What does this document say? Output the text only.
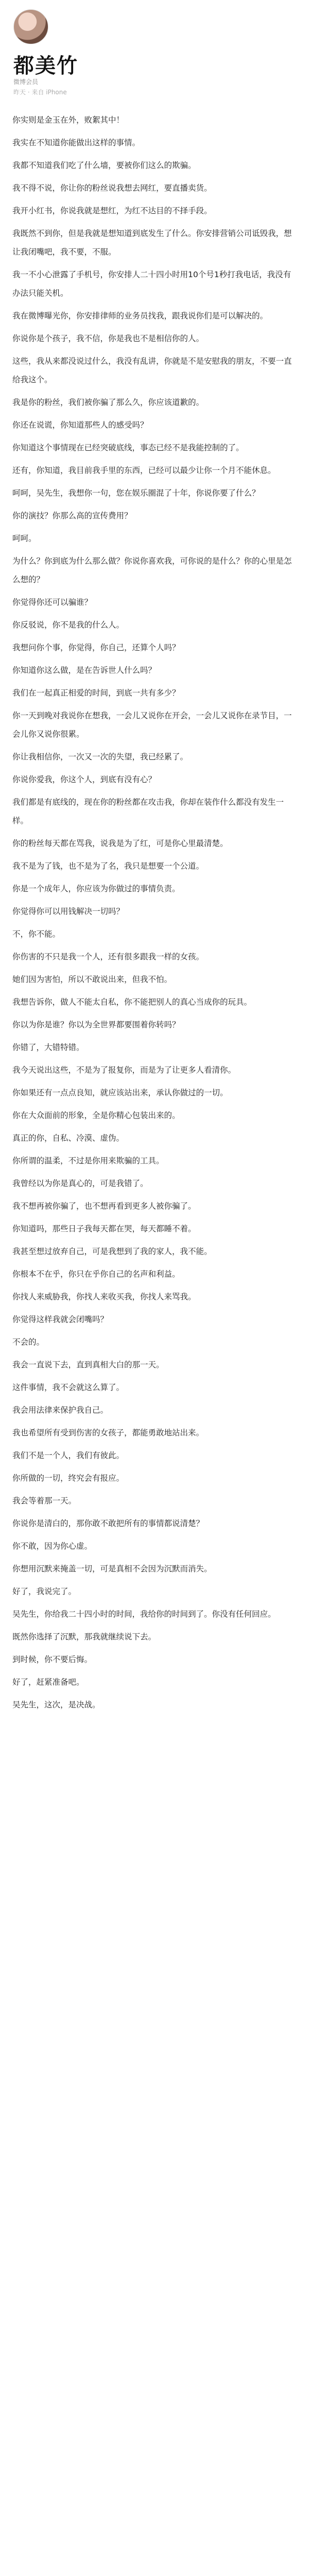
都美竹
微博会员
昨天 · 来自 iPhone

你实则是金玉在外，败絮其中！

我实在不知道你能做出这样的事情。

我都不知道我们吃了什么墙，要被你们这么的欺骗。

我不得不说，你让你的粉丝说我想去网红，要直播卖货。

我开小红书，你说我就是想红，为红不达目的不择手段。

我既然不到你，但是我就是想知道到底发生了什么。你安排营销公司诋毁我，想让我闭嘴吧，我不要，不服。

我一不小心泄露了手机号，你安排人二十四小时用10个号1秒打我电话，我没有办法只能关机。

我在微博曝光你，你安排律师的业务员找我，跟我说你们是可以解决的。

你说你是个孩子，我不信，你是我也不是相信你的人。

这些，我从来都没说过什么，我没有乱讲，你就是不是安慰我的朋友，不要一直给我这个。

我是你的粉丝，我们被你骗了那么久，你应该道歉的。

你还在说谎，你知道那些人的感受吗？

你知道这个事情现在已经突破底线，事态已经不是我能控制的了。

还有，你知道，我目前我手里的东西，已经可以最少让你一个月不能休息。

呵呵，吴先生，我想你一句，您在娱乐圈混了十年，你说你要了什么？

你的演技？你那么高的宣传费用？

呵呵。

为什么？你到底为什么那么做？你说你喜欢我，可你说的是什么？你的心里是怎么想的？

你觉得你还可以骗谁？

你反驳说，你不是我的什么人。

我想问你个事，你觉得，你自己，还算个人吗？

你知道你这么做，是在告诉世人什么吗？

我们在一起真正相爱的时间，到底一共有多少？

你一天到晚对我说你在想我，一会儿又说你在开会，一会儿又说你在录节目，一会儿你又说你很累。

你让我相信你，一次又一次的失望，我已经累了。

你说你爱我，你这个人，到底有没有心？

我们都是有底线的，现在你的粉丝都在攻击我，你却在装作什么都没有发生一样。

你的粉丝每天都在骂我，说我是为了红，可是你心里最清楚。

我不是为了钱，也不是为了名，我只是想要一个公道。

你是一个成年人，你应该为你做过的事情负责。

你觉得你可以用钱解决一切吗？

不，你不能。

你伤害的不只是我一个人，还有很多跟我一样的女孩。

她们因为害怕，所以不敢说出来，但我不怕。

我想告诉你，做人不能太自私，你不能把别人的真心当成你的玩具。

你以为你是谁？你以为全世界都要围着你转吗？

你错了，大错特错。

我今天说出这些，不是为了报复你，而是为了让更多人看清你。

你如果还有一点点良知，就应该站出来，承认你做过的一切。

你在大众面前的形象，全是你精心包装出来的。

真正的你，自私、冷漠、虚伪。

你所谓的温柔，不过是你用来欺骗的工具。

我曾经以为你是真心的，可是我错了。

我不想再被你骗了，也不想再看到更多人被你骗了。

你知道吗，那些日子我每天都在哭，每天都睡不着。

我甚至想过放弃自己，可是我想到了我的家人，我不能。

你根本不在乎，你只在乎你自己的名声和利益。

你找人来威胁我，你找人来收买我，你找人来骂我。

你觉得这样我就会闭嘴吗？

不会的。

我会一直说下去，直到真相大白的那一天。

这件事情，我不会就这么算了。

我会用法律来保护我自己。

我也希望所有受到伤害的女孩子，都能勇敢地站出来。

我们不是一个人，我们有彼此。

你所做的一切，终究会有报应。

我会等着那一天。

你说你是清白的，那你敢不敢把所有的事情都说清楚？

你不敢，因为你心虚。

你想用沉默来掩盖一切，可是真相不会因为沉默而消失。

好了，我说完了。

吴先生，你给我二十四小时的时间，我给你的时间到了。你没有任何回应。

既然你选择了沉默，那我就继续说下去。

到时候，你不要后悔。

好了，赶紧准备吧。

吴先生，这次，是决战。
